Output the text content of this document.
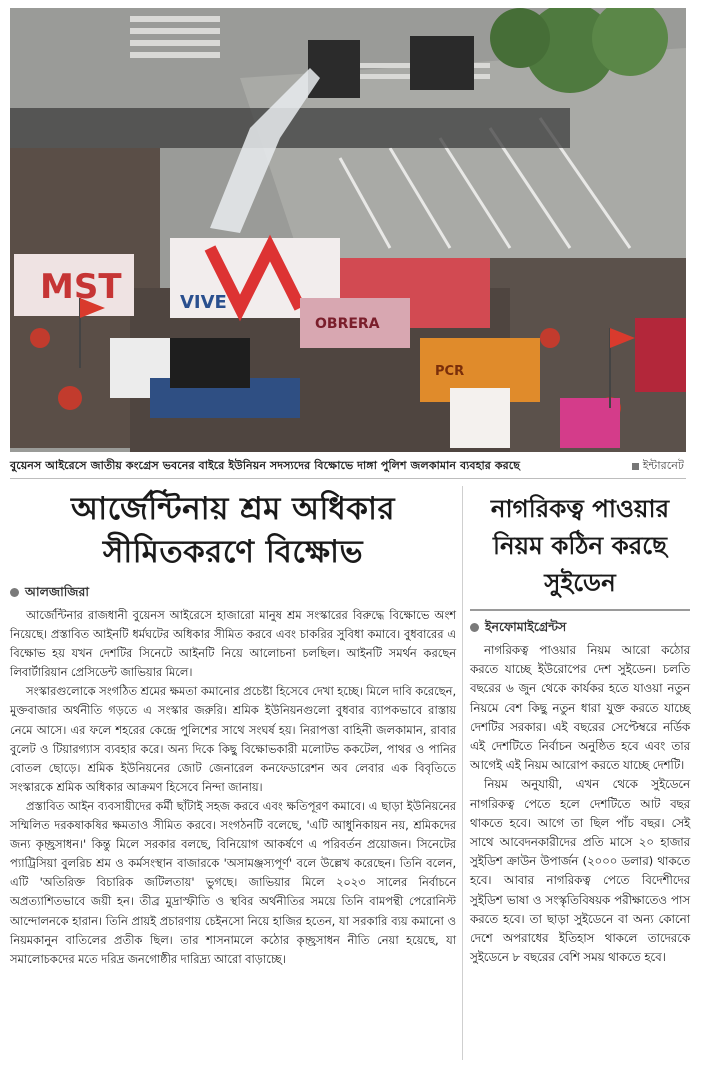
MST	VIVE
OBRERA
PCR
বুয়েনস আইরেসে জাতীয় কংগ্রেস ভবনের বাইরে ইউনিয়ন সদস্যদের বিক্ষোভে দাঙ্গা পুলিশ জলকামান ব্যবহার করছে	ইন্টারনেট
আর্জেন্টিনায় শ্রম অধিকার
সীমিতকরণে বিক্ষোভ
আলজাজিরা

আর্জেন্টিনার রাজধানী বুয়েনস আইরেসে হাজারো মানুষ শ্রম সংস্কারের বিরুদ্ধে বিক্ষোভে অংশ নিয়েছে। প্রস্তাবিত আইনটি ধর্মঘটের অধিকার সীমিত করবে এবং চাকরির সুবিধা কমাবে। বুধবারের এ বিক্ষোভ হয় যখন দেশটির সিনেটে আইনটি নিয়ে আলোচনা চলছিল। আইনটি সমর্থন করছেন লিবার্টারিয়ান প্রেসিডেন্ট জাভিয়ার মিলে।

সংস্কারগুলোকে সংগঠিত শ্রমের ক্ষমতা কমানোর প্রচেষ্টা হিসেবে দেখা হচ্ছে। মিলে দাবি করেছেন, মুক্তবাজার অর্থনীতি গড়তে এ সংস্কার জরুরি। শ্রমিক ইউনিয়নগুলো বুধবার ব্যাপকভাবে রাস্তায় নেমে আসে। এর ফলে শহরের কেন্দ্রে পুলিশের সাথে সংঘর্ষ হয়। নিরাপত্তা বাহিনী জলকামান, রাবার বুলেট ও টিয়ারগ্যাস ব্যবহার করে। অন্য দিকে কিছু বিক্ষোভকারী মলোটভ ককটেল, পাথর ও পানির বোতল ছোড়ে। শ্রমিক ইউনিয়নের জোট জেনারেল কনফেডারেশন অব লেবার এক বিবৃতিতে সংস্কারকে শ্রমিক অধিকার আক্রমণ হিসেবে নিন্দা জানায়।

প্রস্তাবিত আইন ব্যবসায়ীদের কর্মী ছাঁটাই সহজ করবে এবং ক্ষতিপূরণ কমাবে। এ ছাড়া ইউনিয়নের সম্মিলিত দরকষাকষির ক্ষমতাও সীমিত করবে। সংগঠনটি বলেছে, 'এটি আধুনিকায়ন নয়, শ্রমিকদের জন্য কৃচ্ছ্রসাধন।' কিন্তু মিলে সরকার বলছে, বিনিয়োগ আকর্ষণে এ পরিবর্তন প্রয়োজন। সিনেটের প্যাট্রিসিয়া বুলরিচ শ্রম ও কর্মসংস্থান বাজারকে 'অসামঞ্জস্যপূর্ণ' বলে উল্লেখ করেছেন। তিনি বলেন, এটি 'অতিরিক্ত বিচারিক জটিলতায়' ভুগছে। জাভিয়ার মিলে ২০২৩ সালের নির্বাচনে অপ্রত্যাশিতভাবে জয়ী হন। তীব্র মুদ্রাস্ফীতি ও স্থবির অর্থনীতির সময়ে তিনি বামপন্থী পেরোনিস্ট আন্দোলনকে হারান। তিনি প্রায়ই প্রচারণায় চেইনসো নিয়ে হাজির হতেন, যা সরকারি ব্যয় কমানো ও নিয়মকানুন বাতিলের প্রতীক ছিল। তার শাসনামলে কঠোর কৃচ্ছ্রসাধন নীতি নেয়া হয়েছে, যা সমালোচকদের মতে দরিদ্র জনগোষ্ঠীর দারিদ্র্য আরো বাড়াচ্ছে।

নাগরিকত্ব পাওয়ার
নিয়ম কঠিন করছে
সুইডেন
ইনফোমাইগ্রেন্টস

নাগরিকত্ব পাওয়ার নিয়ম আরো কঠোর করতে যাচ্ছে ইউরোপের দেশ সুইডেন। চলতি বছরের ৬ জুন থেকে কার্যকর হতে যাওয়া নতুন নিয়মে বেশ কিছু নতুন ধারা যুক্ত করতে যাচ্ছে দেশটির সরকার। এই বছরের সেপ্টেম্বরে নর্ডিক এই দেশটিতে নির্বাচন অনুষ্ঠিত হবে এবং তার আগেই এই নিয়ম আরোপ করতে যাচ্ছে দেশটি।

নিয়ম অনুযায়ী, এখন থেকে সুইডেনে নাগরিকত্ব পেতে হলে দেশটিতে আট বছর থাকতে হবে। আগে তা ছিল পাঁচ বছর। সেই সাথে আবেদনকারীদের প্রতি মাসে ২০ হাজার সুইডিশ ক্রাউন উপার্জন (২০০০ ডলার) থাকতে হবে। আবার নাগরিকত্ব পেতে বিদেশীদের সুইডিশ ভাষা ও সংস্কৃতিবিষয়ক পরীক্ষাতেও পাস করতে হবে। তা ছাড়া সুইডেনে বা অন্য কোনো দেশে অপরাধের ইতিহাস থাকলে তাদেরকে সুইডেনে ৮ বছরের বেশি সময় থাকতে হবে।
